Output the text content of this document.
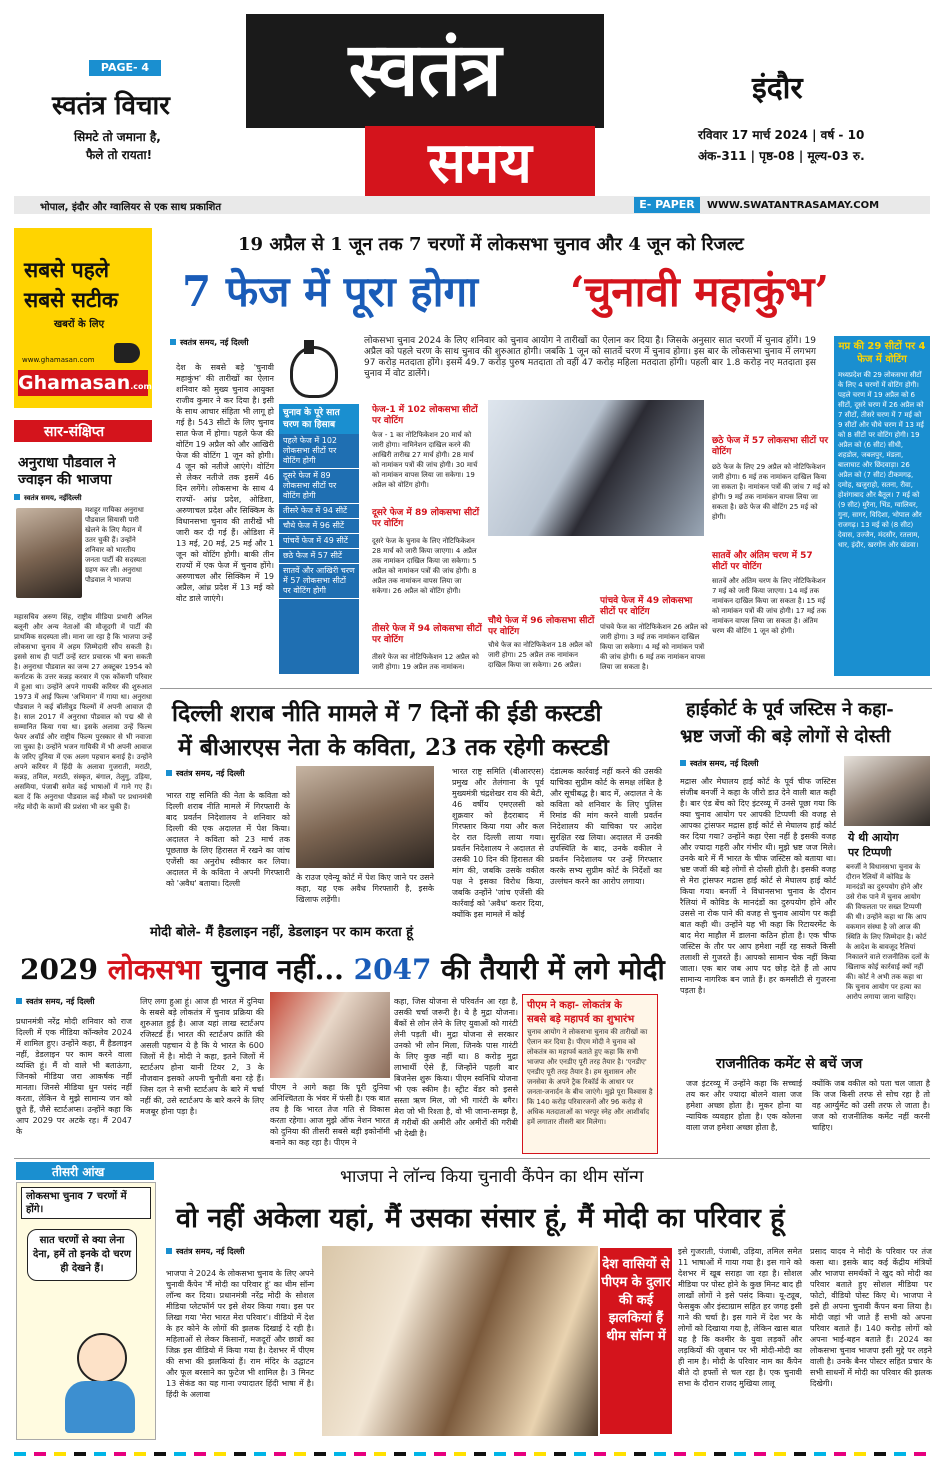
PAGE- 4
स्वतंत्र विचार
सिमटे तो जमाना है,
फैले तो रायता!
स्वतंत्र
समय
इंदौर
रविवार 17 मार्च 2024 | वर्ष - 10
अंक-311 | पृष्ठ-08 | मूल्य-03 रु.
भोपाल, इंदौर और ग्वालियर से एक साथ प्रकाशित	E- PAPER	WWW.SWATANTRASAMAY.COM
सबसे पहले
सबसे सटीक
खबरों के लिए
www.ghamasan.com
Ghamasan.com
सार-संक्षिप्त
अनुराधा पौडवाल ने ज्वाइन की भाजपा
स्वतंत्र समय, नईदिल्ली
मशहूर गायिका अनुराधा पौडवाल सियासी पारी खेलने के लिए मैदान में उतर चुकी हैं। उन्होंने शनिवार को भारतीय जनता पार्टी की सदस्यता ग्रहण कर ली। अनुराधा पौडवाल ने भाजपा
महासचिव अरुण सिंह, राष्ट्रीय मीडिया प्रभारी अनिल बलूनी और अन्य नेताओं की मौजूदगी में पार्टी की प्राथमिक सदस्यता ली। माना जा रहा है कि भाजपा उन्हें लोकसभा चुनाव में अहम जिम्मेदारी सौंप सकती है। इससे साथ ही पार्टी उन्हें स्टार प्रचारक भी बना सकती है। अनुराधा पौडवाल का जन्म 27 अक्टूबर 1954 को कर्नाटक के उत्तर कन्नड़ करवार में एक कोंकणी परिवार में हुआ था। उन्होंने अपने गायकी करियर की शुरुआत 1973 में आई फिल्म 'अभिमान' में गाया था। अनुराधा पौडवाल ने कई बॉलीवुड फिल्मों में अपनी आवाज दी है। साल 2017 में अनुराधा पौडवाल को पद्म श्री से सम्मानित किया गया था। इसके अलावा उन्हें फिल्म फेयर अवॉर्ड और राष्ट्रीय फिल्म पुरस्कार से भी नवाजा जा चुका है। उन्होंने भजन गायिकी में भी अपनी आवाज के जरिए दुनिया में एक अलग पहचान बनाई है। उन्होंने अपने करियर में हिंदी के अलावा गुजराती, मराठी, कन्नड़, तमिल, मराठी, संस्कृत, बंगाल, तेलुगु, उड़िया, असमिया, पंजाबी समेत कई भाषाओं में गाने गए हैं। बता दें कि अनुराधा पौडवाल कई मौकों पर प्रधानमंत्री नरेंद्र मोदी के कामों की प्रशंसा भी कर चुकी हैं।
19 अप्रैल से 1 जून तक 7 चरणों में लोकसभा चुनाव और 4 जून को रिजल्ट
7 फेज में पूरा होगा ‘चुनावी महाकुंभ’
स्वतंत्र समय, नई दिल्ली
देश के सबसे बड़े 'चुनावी महाकुंभ' की तारीखों का ऐलान शनिवार को मुख्य चुनाव आयुक्त राजीव कुमार ने कर दिया है। इसी के साथ आचार संहिता भी लागू हो गई है। 543 सीटों के लिए चुनाव सात फेज में होगा। पहले फेज की वोटिंग 19 अप्रैल को और आखिरी फेज की वोटिंग 1 जून को होगी। 4 जून को नतीजे आएंगे। वोटिंग से लेकर नतीजे तक इसमें 46 दिन लगेंगे। लोकसभा के साथ 4 राज्यों- आंध्र प्रदेश, ओडिशा, अरुणाचल प्रदेश और सिक्किम के विधानसभा चुनाव की तारीखें भी जारी कर दी गई हैं। ओडिशा में 13 मई, 20 मई, 25 मई और 1 जून को वोटिंग होगी। बाकी तीन राज्यों में एक फेज में चुनाव होंगे। अरुणाचल और सिक्किम में 19 अप्रैल, आंध्र प्रदेश में 13 मई को वोट डाले जाएंगे।
लोकसभा चुनाव 2024 के लिए शनिवार को चुनाव आयोग ने तारीखों का ऐलान कर दिया है। जिसके अनुसार सात चरणों में चुनाव होंगे। 19 अप्रैल को पहले चरण के साथ चुनाव की शुरुआत होगी। जबकि 1 जून को सातवें चरण में चुनाव होगा। इस बार के लोकसभा चुनाव में लगभग 97 करोड़ मतदाता होंगे। इसमें 49.7 करोड़ पुरुष मतदाता तो वहीं 47 करोड़ महिला मतदाता होंगी। पहली बार 1.8 करोड़ नए मतदाता इस चुनाव में वोट डालेंगे।
चुनाव के पूरे सात चरण का हिसाब
पहले फेज में 102 लोकसभा सीटों पर वोटिंग होगी
दूसरे फेज में 89 लोकसभा सीटों पर वोटिंग होगी
तीसरे फेज में 94 सीटें
चौथे फेज में 96 सीटें
पांचवें फेज में 49 सीटें
छठे फेज में 57 सीटें
सातवें और आखिरी चरण में 57 लोकसभा सीटों पर वोटिंग होगी
फेज-1 में 102 लोकसभा सीटों पर वोटिंग
फेज - 1 का नोटिफिकेशन 20 मार्च को जारी होगा। नामिनेशन दाखिल करने की आखिरी तारीख 27 मार्च होगी। 28 मार्च को नामांकन पत्रों की जांच होगी। 30 मार्च को नामांकन वापस लिया जा सकेगा। 19 अप्रैल को वोटिंग होगी।
दूसरे फेज में 89 लोकसभा सीटों पर वोटिंग
दूसरे फेज के चुनाव के लिए नोटिफिकेशन 28 मार्च को जारी किया जाएगा। 4 अप्रैल तक नामांकन दाखिल किया जा सकेगा। 5 अप्रैल को नामांकन पत्रों की जांच होगी। 8 अप्रैल तक नामांकन वापस लिया जा सकेगा। 26 अप्रैल को वोटिंग होगी।
तीसरे फेज में 94 लोकसभा सीटों पर वोटिंग
तीसरे फेज का नोटिफिकेशन 12 अप्रैल को जारी होगा। 19 अप्रैल तक नामांकन।
चौथे फेज में 96 लोकसभा सीटों पर वोटिंग
चौथे फेज का नोटिफिकेशन 18 अप्रैल को जारी होगा। 25 अप्रैल तक नामांकन दाखिल किया जा सकेगा। 26 अप्रैल।
पांचवे फेज में 49 लोकसभा सीटों पर वोटिंग
पांचवे फेज का नोटिफिकेशन 26 अप्रैल को जारी होगा। 3 मई तक नामांकन दाखिल किया जा सकेगा। 4 मई को नामांकन पत्रों की जांच होगी। 6 मई तक नामांकन वापस लिया जा सकता है।
छठे फेज में 57 लोकसभा सीटों पर वोटिंग
छठे फेज के लिए 29 अप्रैल को नोटिफिकेशन जारी होगा। 6 मई तक नामांकन दाखिल किया जा सकता है। नामांकन पत्रों की जांच 7 मई को होगी। 9 मई तक नामांकन वापस लिया जा सकता है। छठे फेज की वोटिंग 25 मई को होगी।
सातवें और अंतिम चरण में 57 सीटों पर वोटिंग
सातवें और अंतिम चरण के लिए नोटिफिकेशन 7 मई को जारी किया जाएगा। 14 मई तक नामांकन दाखिल किया जा सकता है। 15 मई को नामांकन पत्रों की जांच होगी। 17 मई तक नामांकन वापस लिया जा सकता है। अंतिम चरण की वोटिंग 1 जून को होगी।
मप्र की 29 सीटों पर 4 फेज में वोटिंग
मध्यप्रदेश की 29 लोकसभा सीटों के लिए 4 चरणों में वोटिंग होगी। पहले चरण में 19 अप्रैल को 6 सीटों, दूसरे चरण में 26 अप्रैल को 7 सीटों, तीसरे चरण में 7 मई को 9 सीटों और चौथे चरण में 13 मई को 8 सीटों पर वोटिंग होगी। 19 अप्रैल को (6 सीट) सीधी, शहडोल, जबलपुर, मंडला, बालाघाट और छिंदवाड़ा। 26 अप्रैल को (7 सीट) टीकमगढ़, दमोह, खजुराहो, सतना, रीवा, होशंगाबाद और बैतूल। 7 मई को (9 सीट) मुरैना, भिंड, ग्वालियर, गुना, सागर, विदिशा, भोपाल और राजगढ़। 13 मई को (8 सीट) देवास, उज्जैन, मंदसौर, रतलाम, धार, इंदौर, खरगोन और खंडवा।
दिल्ली शराब नीति मामले में 7 दिनों की ईडी कस्टडी
में बीआरएस नेता के कविता, 23 तक रहेगी कस्टडी
स्वतंत्र समय, नई दिल्ली
भारत राष्ट्र समिति की नेता के कविता को दिल्ली शराब नीति मामले में गिरफ्तारी के बाद प्रवर्तन निदेशालय ने शनिवार को दिल्ली की एक अदालत में पेश किया। अदालत ने कविता को 23 मार्च तक पूछताछ के लिए हिरासत में रखने का जांच एजेंसी का अनुरोध स्वीकार कर लिया। अदालत में के कविता ने अपनी गिरफ्तारी को 'अवैध' बताया। दिल्ली
के राउज एवेन्यू कोर्ट में पेश किए जाने पर उसने कहा, यह एक अवैध गिरफ्तारी है, इसके खिलाफ लड़ेंगी।
भारत राष्ट्र समिति (बीआरएस) प्रमुख और तेलंगाना के पूर्व मुख्यमंत्री चंद्रशेखर राव की बेटी, 46 वर्षीय एमएलसी को शुक्रवार को हैदराबाद में गिरफ्तार किया गया और कल देर रात दिल्ली लाया गया। प्रवर्तन निदेशालय ने अदालत से उसकी 10 दिन की हिरासत की मांग की, जबकि उसके वकील पक्ष ने इसका विरोध किया, जबकि उन्होंने 'जांच एजेंसी की कार्रवाई को 'अवैध' करार दिया, क्योंकि इस मामले में कोई
दंडात्मक कार्रवाई नहीं करने की उसकी याचिका सुप्रीम कोर्ट के समक्ष लंबित है और सूचीबद्ध है। बाद में, अदालत ने के कविता को शनिवार के लिए पुलिस रिमांड की मांग करने वाली प्रवर्तन निदेशालय की याचिका पर आदेश सुरक्षित रख लिया। अदालत में उनकी उपस्थिति के बाद, उनके वकील ने प्रवर्तन निदेशालय पर उन्हें गिरफ्तार करके सभ्य सुप्रीम कोर्ट के निर्देशों का उल्लंघन करने का आरोप लगाया।
हाईकोर्ट के पूर्व जस्टिस ने कहा-
भ्रष्ट जजों की बड़े लोगों से दोस्ती
स्वतंत्र समय, नई दिल्ली
मद्रास और मेघालय हाई कोर्ट के पूर्व चीफ जस्टिस संजीब बनर्जी ने कहा के जीरो डाउ देने वाली बात कही है। बार एंड बेंच को दिए इंटरव्यू में उनसे पूछा गया कि क्या चुनाव आयोग पर आपकी टिप्पणी की वजह से आपका ट्रांसफर मद्रास हाई कोर्ट से मेघालय हाई कोर्ट कर दिया गया? उन्होंने कहा ऐसा नहीं है इसकी वजह और ज्यादा गहरी और गंभीर थी। मुझे भ्रष्ट जज मिले। उनके बारे में मैं भारत के चीफ जस्टिस को बताया था। भ्रष्ट जजों की बड़े लोगों से दोस्ती होती है। इसकी वजह से मेरा ट्रांसफर मद्रास हाई कोर्ट से मेघालय हाई कोर्ट किया गया। बनर्जी ने विधानसभा चुनाव के दौरान रैलियां में कोविड के मानदंडों का दुरुपयोग होने और उससे ना रोक पाने की वजह से चुनाव आयोग पर कड़ी बात कही थी। उन्होंने यह भी कहा कि रिटायरमेंट के बाद मेरा माहौल में डालना कठिन होता है। एक चीफ जस्टिस के तौर पर आप हमेशा नहीं रह सकते किसी तलाशी से गुजरते हैं। आपको सामान चेक नहीं किया जाता। एक बार जब आप पद छोड़ देते हैं तो आप सामान्य नागरिक बन जाते हैं। हर कमसीटी से गुजरना पड़ता है।
ये थी आयोग
पर टिप्पणी
बनर्जी ने विधानसभा चुनाव के दौरान रैलियों में कोविड के मानदंडों का दुरुपयोग होने और उसे रोक पाने में चुनाव आयोग की विफलता पर सख्त टिप्पणी की थी। उन्होंने कहा था कि आप वकमान संस्था है जो आज की स्थिति के लिए जिम्मेदार है। कोर्ट के आदेश के बावजूद रैलियां निकालने वाले राजनीतिक दलों के खिलाफ कोई कार्रवाई क्यों नहीं की। कोर्ट ने अभी तक कहा था कि चुनाव आयोग पर हत्या का आरोप लगाया जाना चाहिए।
मोदी बोले- मैं हैडलाइन नहीं, डेडलाइन पर काम करता हूं
2029 लोकसभा चुनाव नहीं... 2047 की तैयारी में लगे मोदी
स्वतंत्र समय, नई दिल्ली
प्रधानमंत्री नरेंद्र मोदी शनिवार को राज दिल्ली में एक मीडिया कॉन्क्लेव 2024 में शामिल हुए। उन्होंने कहा, मैं हैडलाइन नहीं, डेडलाइन पर काम करने वाला व्यक्ति हूं। मैं वो वाले भी बताऊंगा, जिनको मीडिया जरा आकर्षक नहीं मानता। जिनसे मीडिया धुन पसंद नहीं करता, लेकिन वे मुझे सामान्य जन को छूते हैं, जैसे स्टार्टअप्स। उन्होंने कहा कि आप 2029 पर अटके रह। मैं 2047 के
लिए लगा हुआ हूं। आज ही भारत में दुनिया के सबसे बड़े लोकतंत्र में चुनाव प्रक्रिया की शुरुआत हुई है। आज यहां लाख स्टार्टअप रजिस्टर्ड हैं। भारत की स्टार्टअप क्रांति की असली पहचान ये है कि ये भारत के 600 जिलों में है। मोदी ने कहा, इतने जिलों में स्टार्टअप होना यानी टियर 2, 3 के नौजवान इसको अपनी चुनौती बना रहे हैं। जिस दल ने सभी स्टार्टअप के बारे में चर्चा नहीं की, उसे स्टार्टअप के बारे करने के लिए मजबूर होना पड़ा है।
पीएम ने आगे कहा कि पूरी दुनिया अनिश्चितता के भंवर में फंसी है। एक बात तय है कि भारत तेज गति से विकास करता रहेगा। आज मुझे ऑफ नेशन भारत को दुनिया की तीसरी सबसे बड़ी इकोनॉमी बनाने का कह रहा है। पीएम ने
कहा, जिस योजना से परिवर्तन आ रहा है, उसकी चर्चा जरूरी है। ये है मुद्रा योजना। बैंकों से लोन लेने के लिए युवाओं को गारंटी लेनी पड़ती थी। मुद्रा योजना से सरकार उनको भी लोन मिला, जिनके पास गारंटी के लिए कुछ नहीं था। 8 करोड़ मुद्रा लाभार्थी ऐसे हैं, जिन्होंने पहली बार बिजनेस शुरू किया। पीएम स्वनिधि योजना भी एक स्कीम है। स्ट्रीट वेंडर को इससे सस्ता ऋण मिल, जो भी गारंटी के बगैर। मेरा जो भी रिश्ता है, वो भी जाना-समझ है, मैं गरीबों की अमीरी और अमीरों की गरीबी भी देखी है।
पीएम ने कहा- लोकतंत्र के
सबसे बड़े महापर्व का शुभारंभ
चुनाव आयोग ने लोकसभा चुनाव की तारीखों का ऐलान कर दिया है। पीएम मोदी ने चुनाव को लोकतंत्र का महापर्व बताते हुए कहा कि सभी भाजपा और एनडीए पूरी तरह तैयार है। 'एनडीए' एनडीए पूरी तरह तैयार है। हम सुशासन और जनसेवा के अपने ट्रैक रिकॉर्ड के आधार पर जनता-जनार्दन के बीच जाएंगे। मुझे पूरा विश्वास है कि 140 करोड़ परिवारजनों और 96 करोड़ से अधिक मतदाताओं का भरपूर स्नेह और आशीर्वाद हमें लगातार तीसरी बार मिलेगा।
राजनीतिक कमेंट से बचें जज
जज इंटरव्यू में उन्होंने कहा कि सच्चाई तय कर और ज्यादा बोलने वाला जज हमेशा अच्छा होता है। मुकर होना या न्यायिक व्यवहार होता है। एक कोलना वाला जज हमेशा अच्छा होता है,
क्योंकि जब वकील को पता चल जाता है कि जज किसी तरफ से सोच रहा है तो वह आर्ग्युमेंट को उसी तरफ ले जाता है। जज को राजनीतिक कमेंट नहीं करनी चाहिए।
तीसरी आंख
लोकसभा चुनाव 7 चरणों में होंगे।
सात चरणों से क्या लेना देना, हमें तो इनके दो चरण ही देखने हैं।
भाजपा ने लॉन्च किया चुनावी कैंपेन का थीम सॉन्ग
वो नहीं अकेला यहां, मैं उसका संसार हूं, मैं मोदी का परिवार हूं
स्वतंत्र समय, नई दिल्ली
भाजपा ने 2024 के लोकसभा चुनाव के लिए अपने चुनावी कैंपेन 'मैं मोदी का परिवार हूं' का थीम सॉन्ग लॉन्च कर दिया। प्रधानमंत्री नरेंद्र मोदी के सोशल मीडिया प्लेटफॉर्म पर इसे शेयर किया गया। इस पर लिखा गया 'मेरा भारत मेरा परिवार'। वीडियो में देश के हर कोने के लोगों की झलक दिखाई दे रही है। महिलाओं से लेकर किसानों, मजदूरों और छात्रों का जिक्र इस वीडियो में किया गया है। देशभर में पीएम की सभा की झलकियां हैं। राम मंदिर के उद्घाटन और फूल बरसाने का फुटेज भी शामिल है। 3 मिनट 13 सेकंड का यह गाना ज्यादातर हिंदी भाषा में है। हिंदी के अलावा
देश वासियों से पीएम के दुलार की कई झलकियां हैं थीम सॉन्ग में
इसे गुजराती, पंजाबी, उड़िया, तमिल समेत 11 भाषाओं में गाया गया है। इस गाने को देशभर में खूब सराहा जा रहा है। सोशल मीडिया पर पोस्ट होने के कुछ मिनट बाद ही लाखों लोगों ने इसे पसंद किया। यू-ट्यूब, फेसबुक और इंस्टाग्राम सहित हर जगह इसी गाने की चर्चा है। इस गाने में देश भर के लोगों को दिखाया गया है, लेकिन खास बात यह है कि कश्मीर के युवा लड़कों और लड़कियों की जुबान पर भी मोदी-मोदी का ही नाम है। मोदी के परिवार नाम का कैंपेन बीते दो हफ्तों से चल रहा है। एक चुनावी सभा के दौरान राजद मुखिया लालू
प्रसाद यादव ने मोदी के परिवार पर तंज कसा था। इसके बाद कई केंद्रीय मंत्रियों और भाजपा समर्थकों ने खुद को मोदी का परिवार बताते हुए सोशल मीडिया पर फोटो, वीडियो पोस्ट किए थे। भाजपा ने इसे ही अपना चुनावी कैंपन बना लिया है। मोदी जहां भी जाते हैं सभी को अपना परिवार बताते हैं। 140 करोड़ लोगों को अपना भाई-बहन बताते हैं। 2024 का लोकसभा चुनाव भाजपा इसी मुद्दे पर लड़ने वाली है। उनके बैनर पोस्टर सहित प्रचार के सभी साधनों में मोदी का परिवार की झलक दिखेगी।
